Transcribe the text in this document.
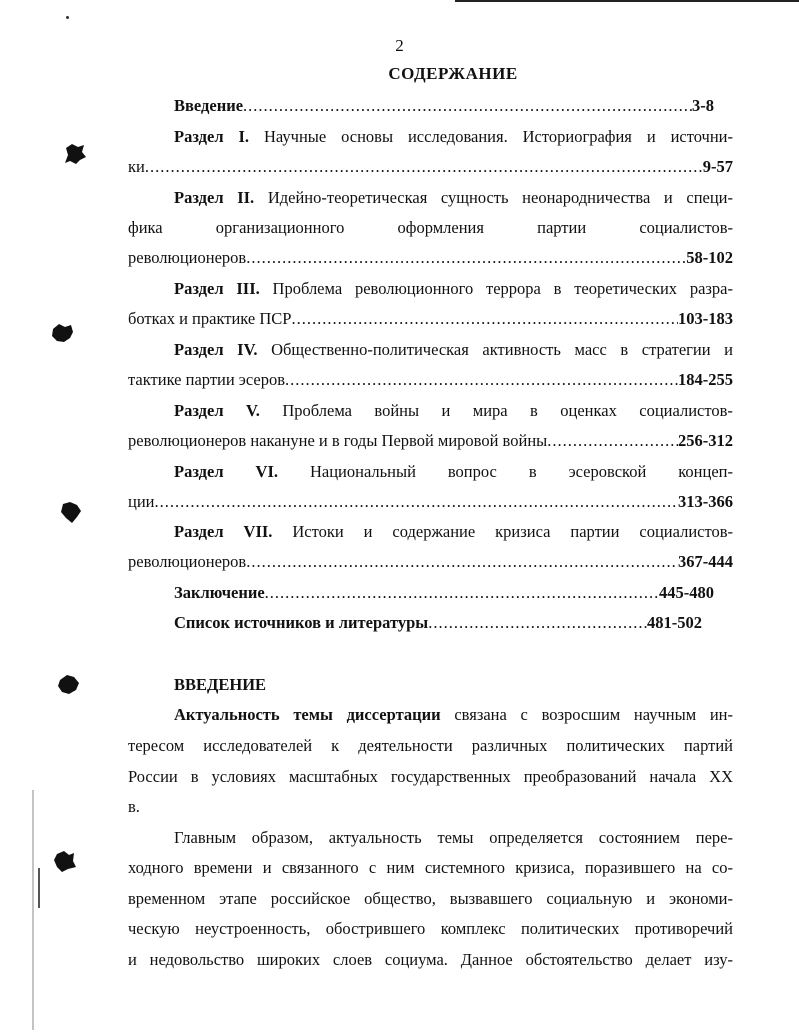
2
СОДЕРЖАНИЕ
Введение .....	3-8
Раздел I. Научные основы исследования. Историография и источни-
ки .....	9-57
Раздел II. Идейно-теоретическая сущность неонародничества и специ-
фика	организационного	оформления	партии	социалистов-
революционеров .....	58-102
Раздел III. Проблема революционного террора в теоретических разра-
ботках и практике ПСР .....	103-183
Раздел IV. Общественно-политическая активность масс в стратегии и
тактике партии эсеров .....	184-255
Раздел V. Проблема войны и мира в оценках социалистов-
революционеров накануне и в годы Первой мировой войны .....	256-312
Раздел VI. Национальный вопрос в эсеровской концеп-
ции .....	313-366
Раздел VII. Истоки и содержание кризиса партии социалистов-
революционеров .....	367-444
Заключение .....	445-480
Список источников и литературы .....	481-502
ВВЕДЕНИЕ
Актуальность темы диссертации связана с возросшим научным ин-
тересом исследователей к деятельности различных политических партий
России в условиях масштабных государственных преобразований начала XX
в.
Главным образом, актуальность темы определяется состоянием пере-
ходного времени и связанного с ним системного кризиса, поразившего на со-
временном этапе российское общество, вызвавшего социальную и экономи-
ческую неустроенность, обострившего комплекс политических противоречий
и недовольство широких слоев социума. Данное обстоятельство делает изу-
